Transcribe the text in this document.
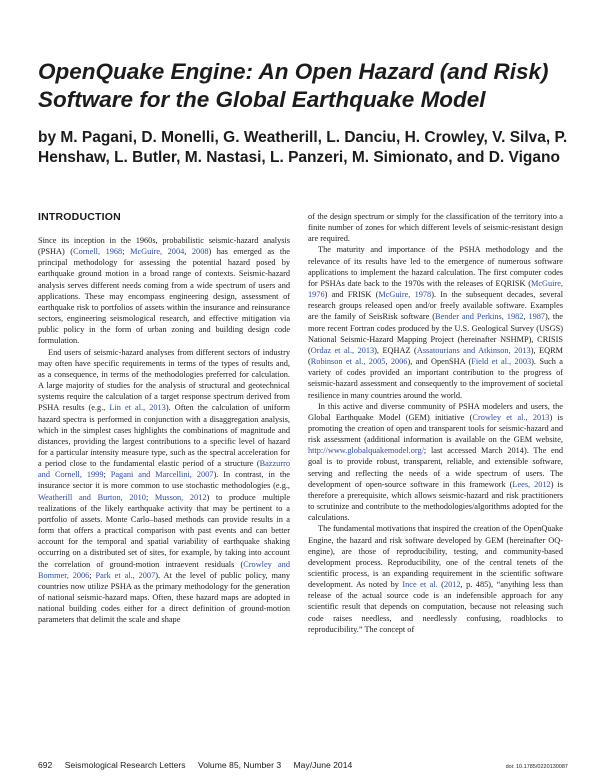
OpenQuake Engine: An Open Hazard (and Risk)
Software for the Global Earthquake Model

by M. Pagani, D. Monelli, G. Weatherill, L. Danciu, H. Crowley, V. Silva, P. Henshaw, L. Butler, M. Nastasi, L. Panzeri, M. Simionato, and D. Vigano

INTRODUCTION

Since its inception in the 1960s, probabilistic seismic-hazard analysis (PSHA) (Cornell, 1968; McGuire, 2004, 2008) has emerged as the principal methodology for assessing the potential hazard posed by earthquake ground motion in a broad range of contexts. Seismic-hazard analysis serves different needs coming from a wide spectrum of users and applications. These may encompass engineering design, assessment of earthquake risk to portfolios of assets within the insurance and reinsurance sectors, engineering seismological research, and effective mitigation via public policy in the form of urban zoning and building design code formulation.

End users of seismic-hazard analyses from different sectors of industry may often have specific requirements in terms of the types of results and, as a consequence, in terms of the methodologies preferred for calculation. A large majority of studies for the analysis of structural and geotechnical systems require the calculation of a target response spectrum derived from PSHA results (e.g., Lin et al., 2013). Often the calculation of uniform hazard spectra is performed in conjunction with a disaggregation analysis, which in the simplest cases highlights the combinations of magnitude and distances, providing the largest contributions to a specific level of hazard for a particular intensity measure type, such as the spectral acceleration for a period close to the fundamental elastic period of a structure (Bazzurro and Cornell, 1999; Pagani and Marcellini, 2007). In contrast, in the insurance sector it is more common to use stochastic methodologies (e.g., Weatherill and Burton, 2010; Musson, 2012) to produce multiple realizations of the likely earthquake activity that may be pertinent to a portfolio of assets. Monte Carlo–based methods can provide results in a form that offers a practical comparison with past events and can better account for the temporal and spatial variability of earthquake shaking occurring on a distributed set of sites, for example, by taking into account the correlation of ground-motion intraevent residuals (Crowley and Bommer, 2006; Park et al., 2007). At the level of public policy, many countries now utilize PSHA as the primary methodology for the generation of national seismic-hazard maps. Often, these hazard maps are adopted in national building codes either for a direct definition of ground-motion parameters that delimit the scale and shape

of the design spectrum or simply for the classification of the territory into a finite number of zones for which different levels of seismic-resistant design are required.

The maturity and importance of the PSHA methodology and the relevance of its results have led to the emergence of numerous software applications to implement the hazard calculation. The first computer codes for PSHAs date back to the 1970s with the releases of EQRISK (McGuire, 1976) and FRISK (McGuire, 1978). In the subsequent decades, several research groups released open and/or freely available software. Examples are the family of SeisRisk software (Bender and Perkins, 1982, 1987), the more recent Fortran codes produced by the U.S. Geological Survey (USGS) National Seismic-Hazard Mapping Project (hereinafter NSHMP), CRISIS (Ordaz et al., 2013), EQHAZ (Assatourians and Atkinson, 2013), EQRM (Robinson et al., 2005, 2006), and OpenSHA (Field et al., 2003). Such a variety of codes provided an important contribution to the progress of seismic-hazard assessment and consequently to the improvement of societal resilience in many countries around the world.

In this active and diverse community of PSHA modelers and users, the Global Earthquake Model (GEM) initiative (Crowley et al., 2013) is promoting the creation of open and transparent tools for seismic-hazard and risk assessment (additional information is available on the GEM website, http://www.globalquakemodel.org/; last accessed March 2014). The end goal is to provide robust, transparent, reliable, and extensible software, serving and reflecting the needs of a wide spectrum of users. The development of open-source software in this framework (Lees, 2012) is therefore a prerequisite, which allows seismic-hazard and risk practitioners to scrutinize and contribute to the methodologies/algorithms adopted for the calculations.

The fundamental motivations that inspired the creation of the OpenQuake Engine, the hazard and risk software developed by GEM (hereinafter OQ-engine), are those of reproducibility, testing, and community-based development process. Reproducibility, one of the central tenets of the scientific process, is an expanding requirement in the scientific software development. As noted by Ince et al. (2012, p. 485), “anything less than release of the actual source code is an indefensible approach for any scientific result that depends on computation, because not releasing such code raises needless, and needlessly confusing, roadblocks to reproducibility.” The concept of

692 Seismological Research Letters Volume 85, Number 3 May/June 2014	doi: 10.1785/0220130087
